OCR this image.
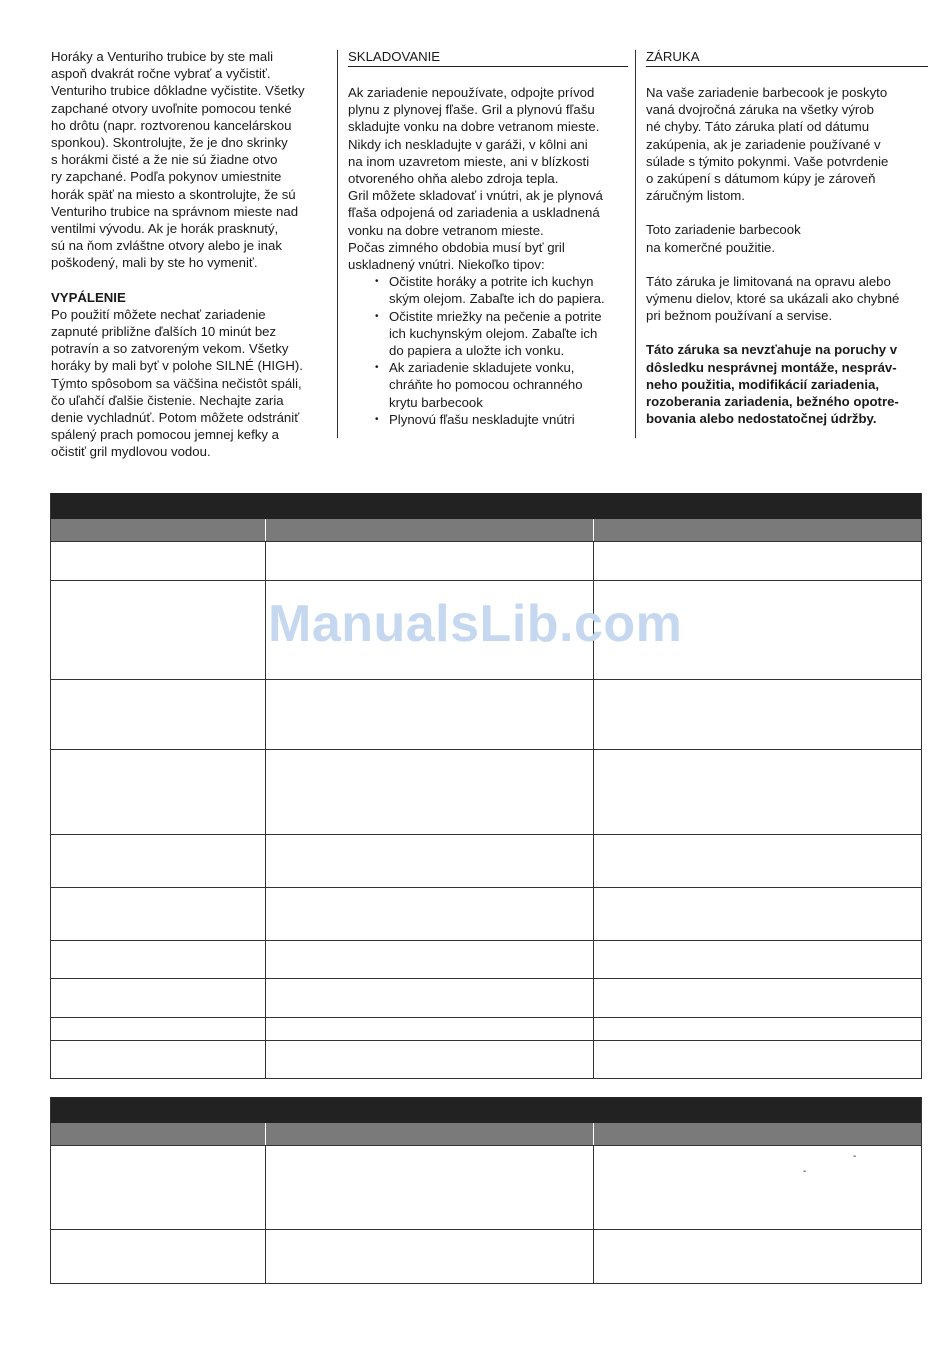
Horáky a Venturiho trubice by ste mali
aspoň dvakrát ročne vybrať a vyčistiť.
Venturiho trubice dôkladne vyčistite. Všetky
zapchané otvory uvoľnite pomocou tenké
ho drôtu (napr. roztvorenou kancelárskou
sponkou). Skontrolujte, že je dno skrinky
s horákmi čisté a že nie sú žiadne otvo
ry zapchané. Podľa pokynov umiestnite
horák späť na miesto a skontrolujte, že sú
Venturiho trubice na správnom mieste nad
ventilmi vývodu. Ak je horák prasknutý,
sú na ňom zvláštne otvory alebo je inak
poškodený, mali by ste ho vymeniť.

VYPÁLENIE

Po použití môžete nechať zariadenie
zapnuté približne ďalších 10 minút bez
potravín a so zatvoreným vekom. Všetky
horáky by mali byť v polohe SILNÉ (HIGH).
Týmto spôsobom sa väčšina nečistôt spáli,
čo uľahčí ďalšie čistenie. Nechajte zaria
denie vychladnúť. Potom môžete odstrániť
spálený prach pomocou jemnej kefky a
očistiť gril mydlovou vodou.

SKLADOVANIE

Ak zariadenie nepoužívate, odpojte prívod
plynu z plynovej fľaše. Gril a plynovú fľašu
skladujte vonku na dobre vetranom mieste.
Nikdy ich neskladujte v garáži, v kôlni ani
na inom uzavretom mieste, ani v blízkosti
otvoreného ohňa alebo zdroja tepla.
Gril môžete skladovať i vnútri, ak je plynová
fľaša odpojená od zariadenia a uskladnená
vonku na dobre vetranom mieste.
Počas zimného obdobia musí byť gril
uskladnený vnútri. Niekoľko tipov:

• Očistite horáky a potrite ich kuchyn
ským olejom. Zabaľte ich do papiera.

• Očistite mriežky na pečenie a potrite
ich kuchynským olejom. Zabaľte ich
do papiera a uložte ich vonku.

• Ak zariadenie skladujete vonku,
chráňte ho pomocou ochranného
krytu barbecook

• Plynovú fľašu neskladujte vnútri

ZÁRUKA

Na vaše zariadenie barbecook je poskyto
vaná dvojročná záruka na všetky výrob
né chyby. Táto záruka platí od dátumu
zakúpenia, ak je zariadenie používané v
súlade s týmito pokynmi. Vaše potvrdenie
o zakúpení s dátumom kúpy je zároveň
záručným listom.

Toto zariadenie barbecook
na komerčné použitie.

Táto záruka je limitovaná na opravu alebo
výmenu dielov, ktoré sa ukázali ako chybné
pri bežnom používaní a servise.

Táto záruka sa nevzťahuje na poruchy v
dôsledku nesprávnej montáže, nespráv-
neho použitia, modifikácií zariadenia,
rozoberania zariadenia, bežného opotre-
bovania alebo nedostatočnej údržby.

ManualsLib.com
-
-
